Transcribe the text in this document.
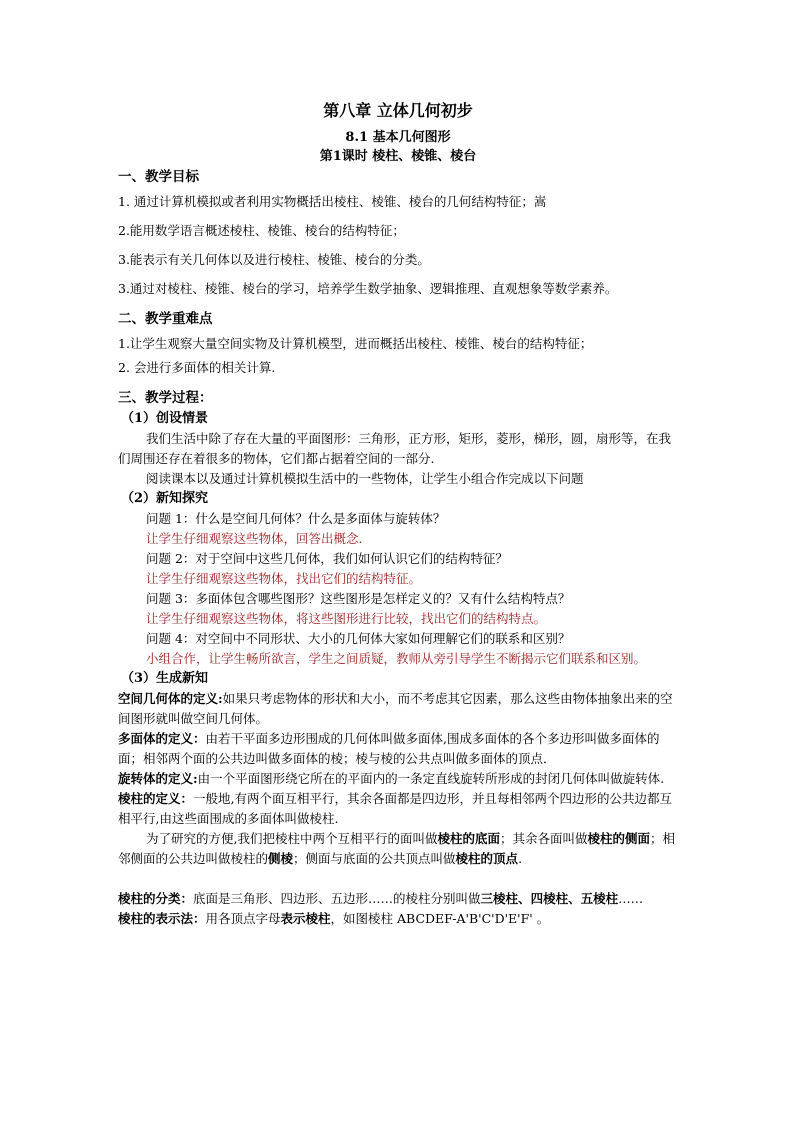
第八章 立体几何初步

8.1 基本几何图形

第1课时 棱柱、棱锥、棱台

一、教学目标

1. 通过计算机模拟或者利用实物概括出棱柱、棱锥、棱台的几何结构特征；嵩

2.能用数学语言概述棱柱、棱锥、棱台的结构特征；

3.能表示有关几何体以及进行棱柱、棱锥、棱台的分类。

3.通过对棱柱、棱锥、棱台的学习，培养学生数学抽象、逻辑推理、直观想象等数学素养。

二、教学重难点

1.让学生观察大量空间实物及计算机模型，进而概括出棱柱、棱锥、棱台的结构特征；

2. 会进行多面体的相关计算.

三、教学过程：

（1）创设情景

我们生活中除了存在大量的平面图形：三角形，正方形，矩形，菱形，梯形，圆，扇形等，在我们周围还存在着很多的物体，它们都占据着空间的一部分.

阅读课本以及通过计算机模拟生活中的一些物体，让学生小组合作完成以下问题

（2）新知探究

问题 1：什么是空间几何体？什么是多面体与旋转体？

让学生仔细观察这些物体，回答出概念.

问题 2：对于空间中这些几何体，我们如何认识它们的结构特征？

让学生仔细观察这些物体，找出它们的结构特征。

问题 3：多面体包含哪些图形？这些图形是怎样定义的？又有什么结构特点？

让学生仔细观察这些物体，将这些图形进行比较，找出它们的结构特点。

问题 4：对空间中不同形状、大小的几何体大家如何理解它们的联系和区别？

小组合作，让学生畅所欲言，学生之间质疑，教师从旁引导学生不断揭示它们联系和区别。

（3）生成新知

空间几何体的定义:如果只考虑物体的形状和大小，而不考虑其它因素，那么这些由物体抽象出来的空间图形就叫做空间几何体。

多面体的定义：由若干平面多边形围成的几何体叫做多面体,围成多面体的各个多边形叫做多面体的面；相邻两个面的公共边叫做多面体的棱；棱与棱的公共点叫做多面体的顶点．

旋转体的定义:由一个平面图形绕它所在的平面内的一条定直线旋转所形成的封闭几何体叫做旋转体.

棱柱的定义：一般地,有两个面互相平行，其余各面都是四边形，并且每相邻两个四边形的公共边都互相平行,由这些面围成的多面体叫做棱柱.

为了研究的方便,我们把棱柱中两个互相平行的面叫做棱柱的底面；其余各面叫做棱柱的侧面；相邻侧面的公共边叫做棱柱的侧棱；侧面与底面的公共顶点叫做棱柱的顶点.

棱柱的分类：底面是三角形、四边形、五边形……的棱柱分别叫做三棱柱、四棱柱、五棱柱……

棱柱的表示法：用各顶点字母表示棱柱，如图棱柱 ABCDEF-A'B'C'D'E'F' 。
